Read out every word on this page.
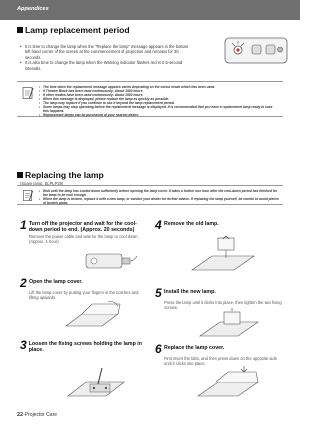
Appendices
Lamp replacement period
• It is time to change the lamp when the "Replace the lamp" message appears in the bottom left hand corner of the screen at the commencement of projection and remains for 30 seconds.
• It is also time to change the lamp when the Warning indicator flashes red in 0.5-second intervals.
• The time when the replacement message appears varies depending on the colour mode which has been used.
• If Theatre Black has been used continuously: About 1900 hours
• If other modes have been used continuously: About 1500 hours
• When this message is displayed, please replace the lamp as quickly as possible.
• The lamp may rupture if you continue to use it beyond the lamp replacement period.
• Some lamps may stop operating before the replacement message is displayed. It is recommended that you have a replacement lamp ready in case this happens.
• Replacement lamps can be purchased at your nearest dealer.
Replacing the lamp
(Spare lamp: ELPLP29)
• Wait until the lamp has cooled down sufficiently before opening the lamp cover. It takes a further one hour after the cool-down period has finished for the lamp to be cool enough.
• When the lamp is broken, replace it with a new lamp, or contact your dealer for further advice. If replacing the lamp yourself, be careful to avoid pieces of broken glass.
1 Turn off the projector and wait for the cool-down period to end. (Approx. 20 seconds)
Remove the power cable and wait for the lamp to cool down. (Approx. 1 hour)
2 Open the lamp cover.
Lift the lamp cover by putting your fingers in the notches and lifting upwards.
3 Loosen the fixing screws holding the lamp in place.
4 Remove the old lamp.
5 Install the new lamp.
Press the lamp until it clicks into place, then tighten the two fixing screws.
6 Replace the lamp cover.
First insert the tabs, and then press down on the opposite side until it clicks into place.
22-Projector Care
